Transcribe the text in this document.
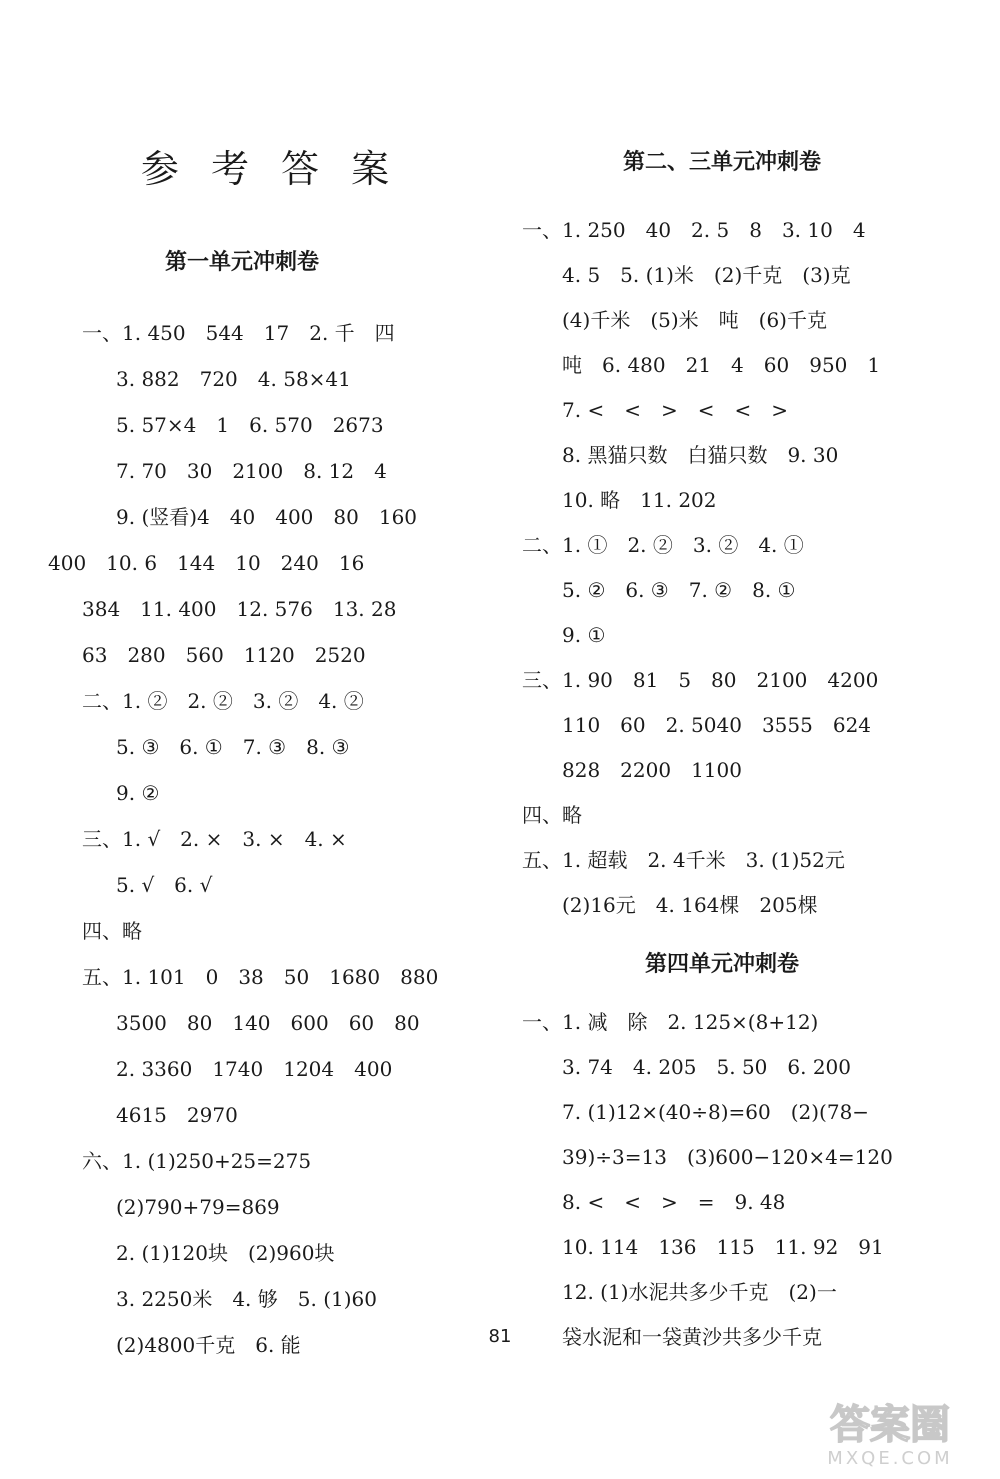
参 考 答 案
第一单元冲刺卷
一、1. 450　544　17　2. 千　四
3. 882　720　4. 58×41
5. 57×4　1　6. 570　2673
7. 70　30　2100　8. 12　4
9. (竖看)4　40　400　80　160
400　10. 6　144　10　240　16
384　11. 400　12. 576　13. 28
63　280　560　1120　2520
二、1. ②　2. ②　3. ②　4. ②
5. ③　6. ①　7. ③　8. ③
9. ②
三、1. √　2. ×　3. ×　4. ×
5. √　6. √
四、略
五、1. 101　0　38　50　1680　880
3500　80　140　600　60　80
2. 3360　1740　1204　400
4615　2970
六、1. (1)250+25=275
(2)790+79=869
2. (1)120块　(2)960块
3. 2250米　4. 够　5. (1)60
(2)4800千克　6. 能
第二、三单元冲刺卷
一、1. 250　40　2. 5　8　3. 10　4
4. 5　5. (1)米　(2)千克　(3)克
(4)千米　(5)米　吨　(6)千克
吨　6. 480　21　4　60　950　1
7. <　<　>　<　<　>
8. 黑猫只数　白猫只数　9. 30
10. 略　11. 202
二、1. ①　2. ②　3. ②　4. ①
5. ②　6. ③　7. ②　8. ①
9. ①
三、1. 90　81　5　80　2100　4200
110　60　2. 5040　3555　624
828　2200　1100
四、略
五、1. 超载　2. 4千米　3. (1)52元
(2)16元　4. 164棵　205棵
第四单元冲刺卷
一、1. 减　除　2. 125×(8+12)
3. 74　4. 205　5. 50　6. 200
7. (1)12×(40÷8)=60　(2)(78−
39)÷3=13　(3)600−120×4=120
8. <　<　>　=　9. 48
10. 114　136　115　11. 92　91
12. (1)水泥共多少千克　(2)一
袋水泥和一袋黄沙共多少千克
81
答案圈
MXQE.COM
